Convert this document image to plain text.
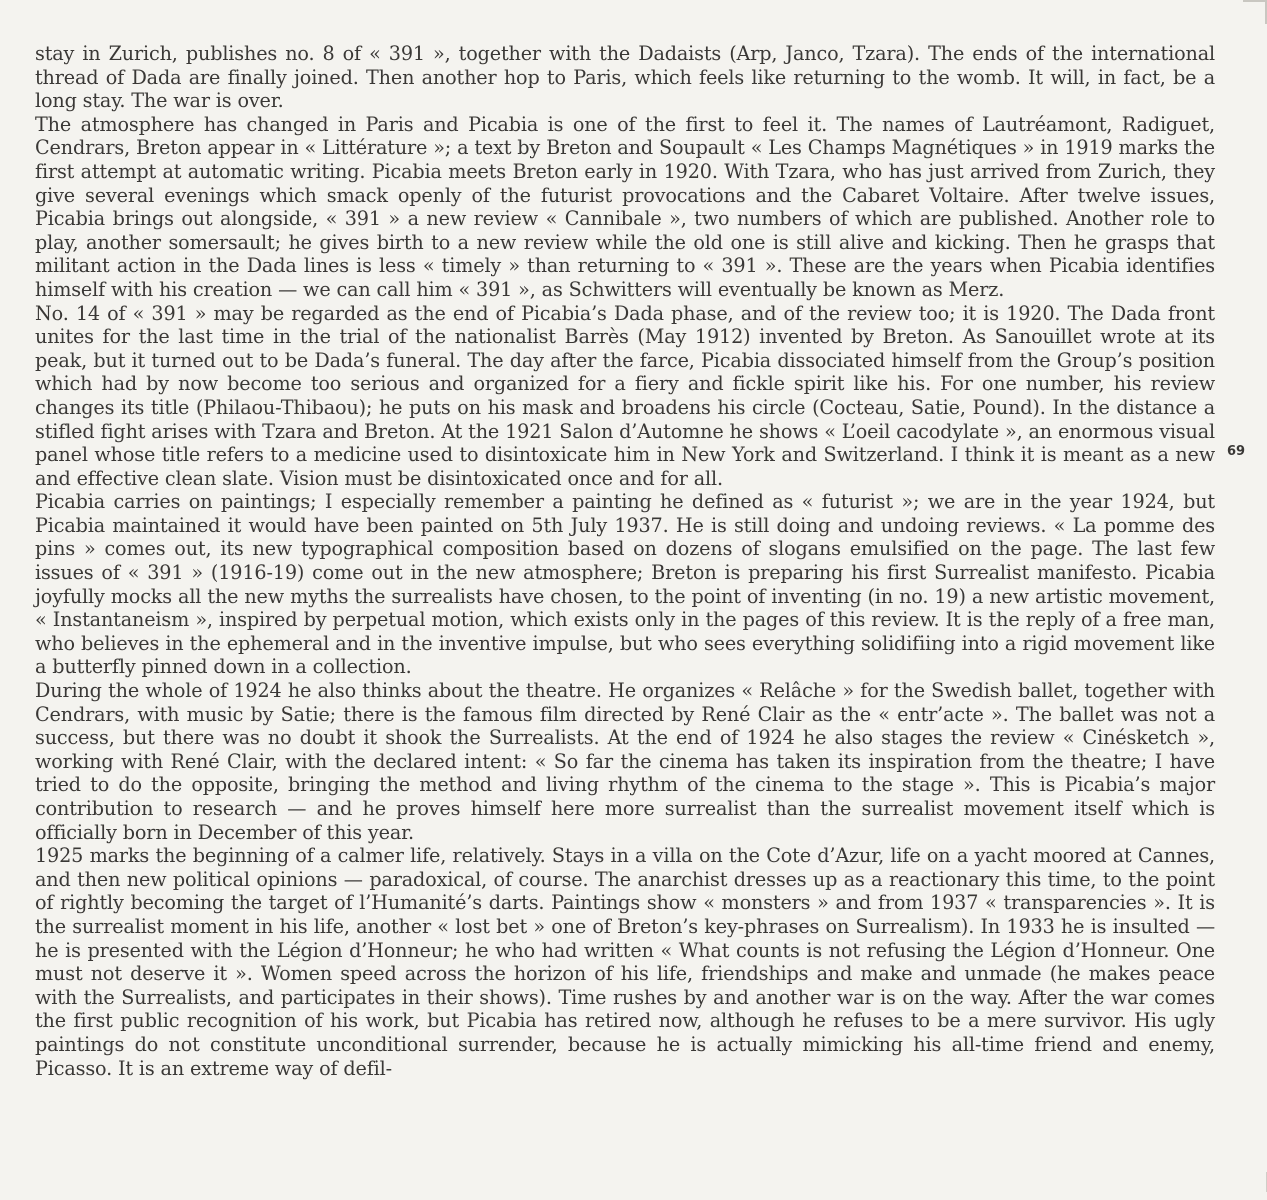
stay in Zurich, publishes no. 8 of « 391 », together with the Dadaists (Arp, Janco, Tzara). The ends of the international thread of Dada are finally joined. Then another hop to Paris, which feels like returning to the womb. It will, in fact, be a long stay. The war is over.

The atmosphere has changed in Paris and Picabia is one of the first to feel it. The names of Lautréamont, Radiguet, Cendrars, Breton appear in « Littérature »; a text by Breton and Soupault « Les Champs Magnétiques » in 1919 marks the first attempt at automatic writing. Picabia meets Breton early in 1920. With Tzara, who has just arrived from Zurich, they give several evenings which smack openly of the futurist provocations and the Cabaret Voltaire. After twelve issues, Picabia brings out alongside, « 391 » a new review « Cannibale », two numbers of which are published. Another role to play, another somersault; he gives birth to a new review while the old one is still alive and kicking. Then he grasps that militant action in the Dada lines is less « timely » than returning to « 391 ». These are the years when Picabia identifies himself with his creation — we can call him « 391 », as Schwitters will eventually be known as Merz.

No. 14 of « 391 » may be regarded as the end of Picabia’s Dada phase, and of the review too; it is 1920. The Dada front unites for the last time in the trial of the nationalist Barrès (May 1912) invented by Breton. As Sanouillet wrote at its peak, but it turned out to be Dada’s funeral. The day after the farce, Picabia dissociated himself from the Group’s position which had by now become too serious and organized for a fiery and fickle spirit like his. For one number, his review changes its title (Philaou-Thibaou); he puts on his mask and broadens his circle (Cocteau, Satie, Pound). In the distance a stifled fight arises with Tzara and Breton. At the 1921 Salon d’Automne he shows « L’oeil cacodylate », an enormous visual panel whose title refers to a medicine used to disintoxicate him in New York and Switzerland. I think it is meant as a new and effective clean slate. Vision must be disintoxicated once and for all.

Picabia carries on paintings; I especially remember a painting he defined as « futurist »; we are in the year 1924, but Picabia maintained it would have been painted on 5th July 1937. He is still doing and undoing reviews. « La pomme des pins » comes out, its new typographical composition based on dozens of slogans emulsified on the page. The last few issues of « 391 » (1916-19) come out in the new atmosphere; Breton is preparing his first Surrealist manifesto. Picabia joyfully mocks all the new myths the surrealists have chosen, to the point of inventing (in no. 19) a new artistic movement, « Instantaneism », inspired by perpetual motion, which exists only in the pages of this review. It is the reply of a free man, who believes in the ephemeral and in the inventive impulse, but who sees everything solidifiing into a rigid movement like a butterfly pinned down in a collection.

During the whole of 1924 he also thinks about the theatre. He organizes « Relâche » for the Swedish ballet, together with Cendrars, with music by Satie; there is the famous film directed by René Clair as the « entr’acte ». The ballet was not a success, but there was no doubt it shook the Surrealists. At the end of 1924 he also stages the review « Cinésketch », working with René Clair, with the declared intent: « So far the cinema has taken its inspiration from the theatre; I have tried to do the opposite, bringing the method and living rhythm of the cinema to the stage ». This is Picabia’s major contribution to research — and he proves himself here more surrealist than the surrealist movement itself which is officially born in December of this year.

1925 marks the beginning of a calmer life, relatively. Stays in a villa on the Cote d’Azur, life on a yacht moored at Cannes, and then new political opinions — paradoxical, of course. The anarchist dresses up as a reactionary this time, to the point of rightly becoming the target of l’Humanité’s darts. Paintings show « monsters » and from 1937 « transparencies ». It is the surrealist moment in his life, another « lost bet » one of Breton’s key-phrases on Surrealism). In 1933 he is insulted — he is presented with the Légion d’Honneur; he who had written « What counts is not refusing the Légion d’Honneur. One must not deserve it ». Women speed across the horizon of his life, friendships and make and unmade (he makes peace with the Surrealists, and participates in their shows). Time rushes by and another war is on the way. After the war comes the first public recognition of his work, but Picabia has retired now, although he refuses to be a mere survivor. His ugly paintings do not constitute unconditional surrender, because he is actually mimicking his all-time friend and enemy, Picasso. It is an extreme way of defil-

69
